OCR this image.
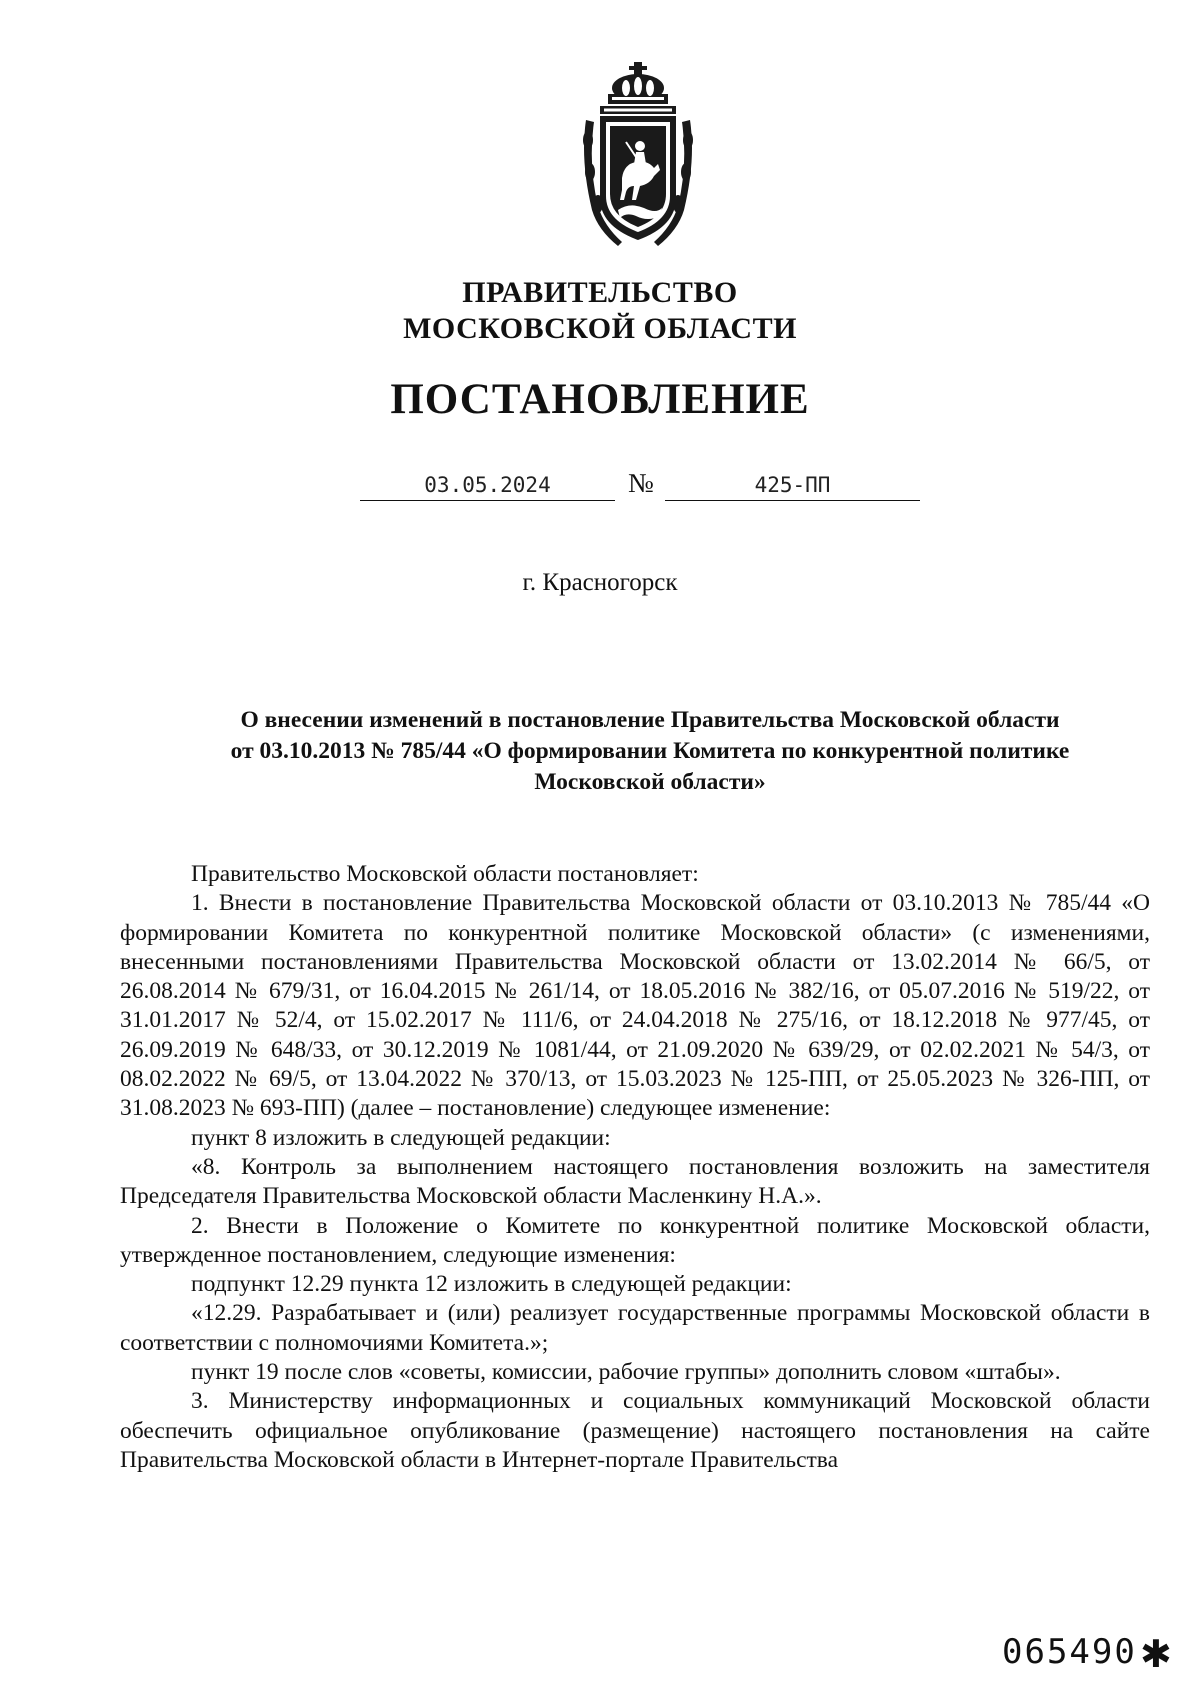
ПРАВИТЕЛЬСТВО
МОСКОВСКОЙ ОБЛАСТИ
ПОСТАНОВЛЕНИЕ
03.05.2024	№	425-ПП
г. Красногорск
О внесении изменений в постановление Правительства Московской области
от 03.10.2013 № 785/44 «О формировании Комитета по конкурентной политике
Московской области»

Правительство Московской области постановляет:

1. Внести в постановление Правительства Московской области от 03.10.2013 № 785/44 «О формировании Комитета по конкурентной политике Московской области» (с изменениями, внесенными постановлениями Правительства Московской области от 13.02.2014 № 66/5, от 26.08.2014 № 679/31, от 16.04.2015 № 261/14, от 18.05.2016 № 382/16, от 05.07.2016 № 519/22, от 31.01.2017 № 52/4, от 15.02.2017 № 111/6, от 24.04.2018 № 275/16, от 18.12.2018 № 977/45, от 26.09.2019 № 648/33, от 30.12.2019 № 1081/44, от 21.09.2020 № 639/29, от 02.02.2021 № 54/3, от 08.02.2022 № 69/5, от 13.04.2022 № 370/13, от 15.03.2023 № 125-ПП, от 25.05.2023 № 326-ПП, от 31.08.2023 № 693-ПП) (далее – постановление) следующее изменение:

пункт 8 изложить в следующей редакции:

«8. Контроль за выполнением настоящего постановления возложить на заместителя Председателя Правительства Московской области Масленкину Н.А.».

2. Внести в Положение о Комитете по конкурентной политике Московской области, утвержденное постановлением, следующие изменения:

подпункт 12.29 пункта 12 изложить в следующей редакции:

«12.29. Разрабатывает и (или) реализует государственные программы Московской области в соответствии с полномочиями Комитета.»;

пункт 19 после слов «советы, комиссии, рабочие группы» дополнить словом «штабы».

3. Министерству информационных и социальных коммуникаций Московской области обеспечить официальное опубликование (размещение) настоящего постановления на сайте Правительства Московской области в Интернет-портале Правительства

065490 ✱
